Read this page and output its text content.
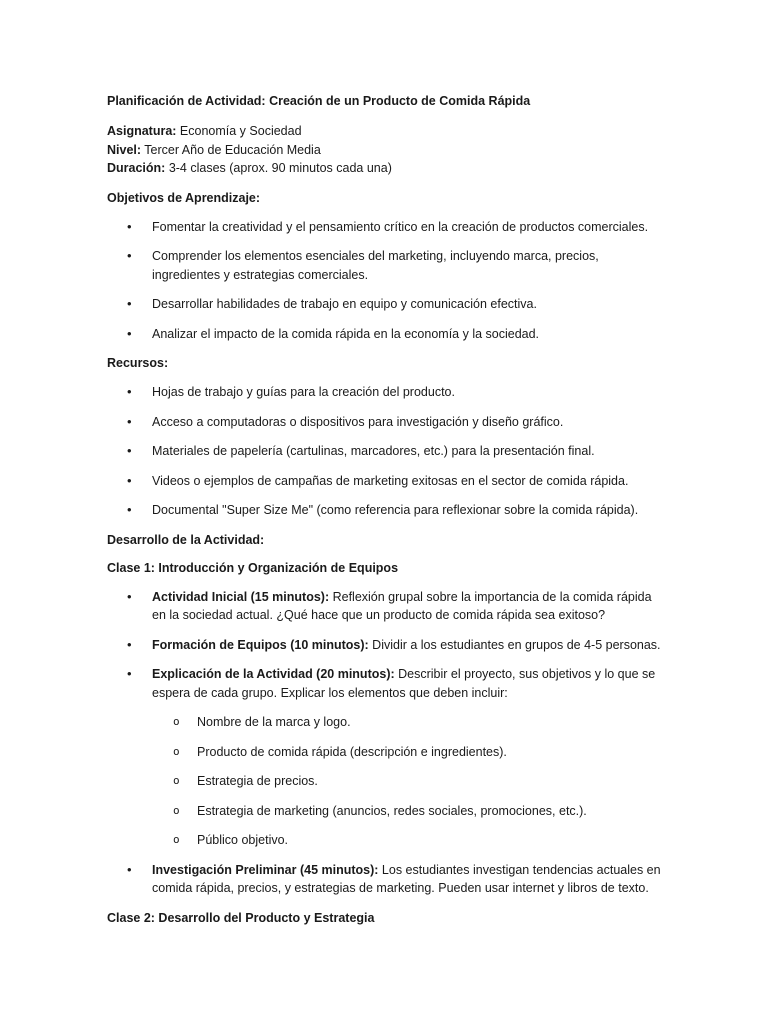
Planificación de Actividad: Creación de un Producto de Comida Rápida

Asignatura: Economía y Sociedad
Nivel: Tercer Año de Educación Media
Duración: 3-4 clases (aprox. 90 minutos cada una)

Objetivos de Aprendizaje:

• Fomentar la creatividad y el pensamiento crítico en la creación de productos comerciales.
• Comprender los elementos esenciales del marketing, incluyendo marca, precios, ingredientes y estrategias comerciales.
• Desarrollar habilidades de trabajo en equipo y comunicación efectiva.
• Analizar el impacto de la comida rápida en la economía y la sociedad.

Recursos:

• Hojas de trabajo y guías para la creación del producto.
• Acceso a computadoras o dispositivos para investigación y diseño gráfico.
• Materiales de papelería (cartulinas, marcadores, etc.) para la presentación final.
• Videos o ejemplos de campañas de marketing exitosas en el sector de comida rápida.
• Documental "Super Size Me" (como referencia para reflexionar sobre la comida rápida).

Desarrollo de la Actividad:

Clase 1: Introducción y Organización de Equipos

• Actividad Inicial (15 minutos): Reflexión grupal sobre la importancia de la comida rápida en la sociedad actual. ¿Qué hace que un producto de comida rápida sea exitoso?
• Formación de Equipos (10 minutos): Dividir a los estudiantes en grupos de 4-5 personas.
• Explicación de la Actividad (20 minutos): Describir el proyecto, sus objetivos y lo que se espera de cada grupo. Explicar los elementos que deben incluir:
o Nombre de la marca y logo.
o Producto de comida rápida (descripción e ingredientes).
o Estrategia de precios.
o Estrategia de marketing (anuncios, redes sociales, promociones, etc.).
o Público objetivo.
• Investigación Preliminar (45 minutos): Los estudiantes investigan tendencias actuales en comida rápida, precios, y estrategias de marketing. Pueden usar internet y libros de texto.

Clase 2: Desarrollo del Producto y Estrategia
